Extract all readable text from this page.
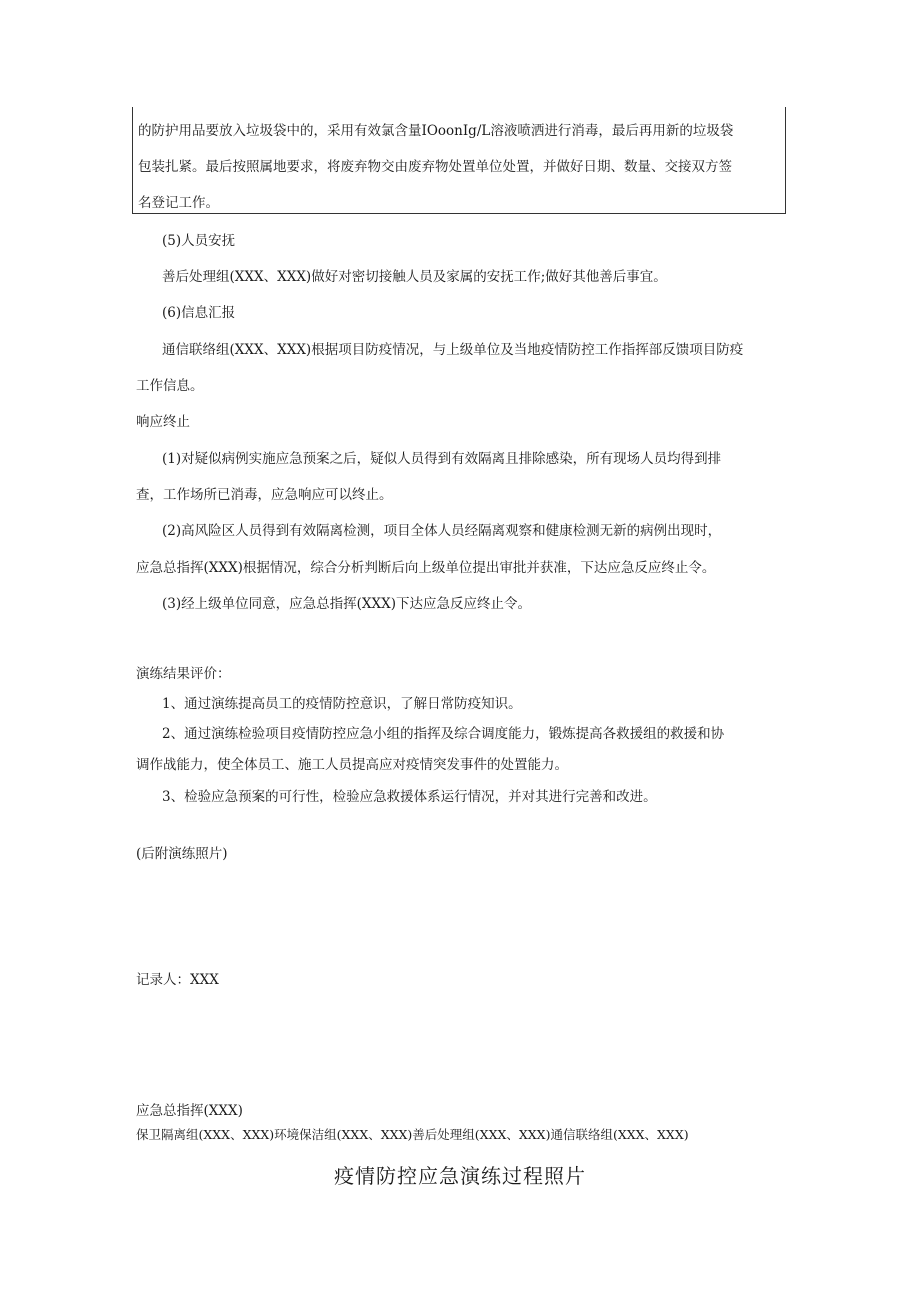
的防护用品要放入垃圾袋中的，采用有效氯含量IOoonIg/L溶液喷洒进行消毒，最后再用新的垃圾袋
包装扎紧。最后按照属地要求，将废弃物交由废弃物处置单位处置，并做好日期、数量、交接双方签
名登记工作。
(5)人员安抚
善后处理组(XXX、XXX)做好对密切接触人员及家属的安抚工作;做好其他善后事宜。
(6)信息汇报
通信联络组(XXX、XXX)根据项目防疫情况，与上级单位及当地疫情防控工作指挥部反馈项目防疫
工作信息。
响应终止
(1)对疑似病例实施应急预案之后，疑似人员得到有效隔离且排除感染，所有现场人员均得到排
查，工作场所已消毒，应急响应可以终止。
(2)高风险区人员得到有效隔离检测，项目全体人员经隔离观察和健康检测无新的病例出现时，
应急总指挥(XXX)根据情况，综合分析判断后向上级单位提出审批并获准，下达应急反应终止令。
(3)经上级单位同意，应急总指挥(XXX)下达应急反应终止令。
演练结果评价：
1、通过演练提高员工的疫情防控意识，了解日常防疫知识。
2、通过演练检验项目疫情防控应急小组的指挥及综合调度能力，锻炼提高各救援组的救援和协
调作战能力，使全体员工、施工人员提高应对疫情突发事件的处置能力。
3、检验应急预案的可行性，检验应急救援体系运行情况，并对其进行完善和改进。
(后附演练照片)
记录人：XXX
应急总指挥(XXX)
保卫隔离组(XXX、XXX)环境保洁组(XXX、XXX)善后处理组(XXX、XXX)通信联络组(XXX、XXX)
疫情防控应急演练过程照片
